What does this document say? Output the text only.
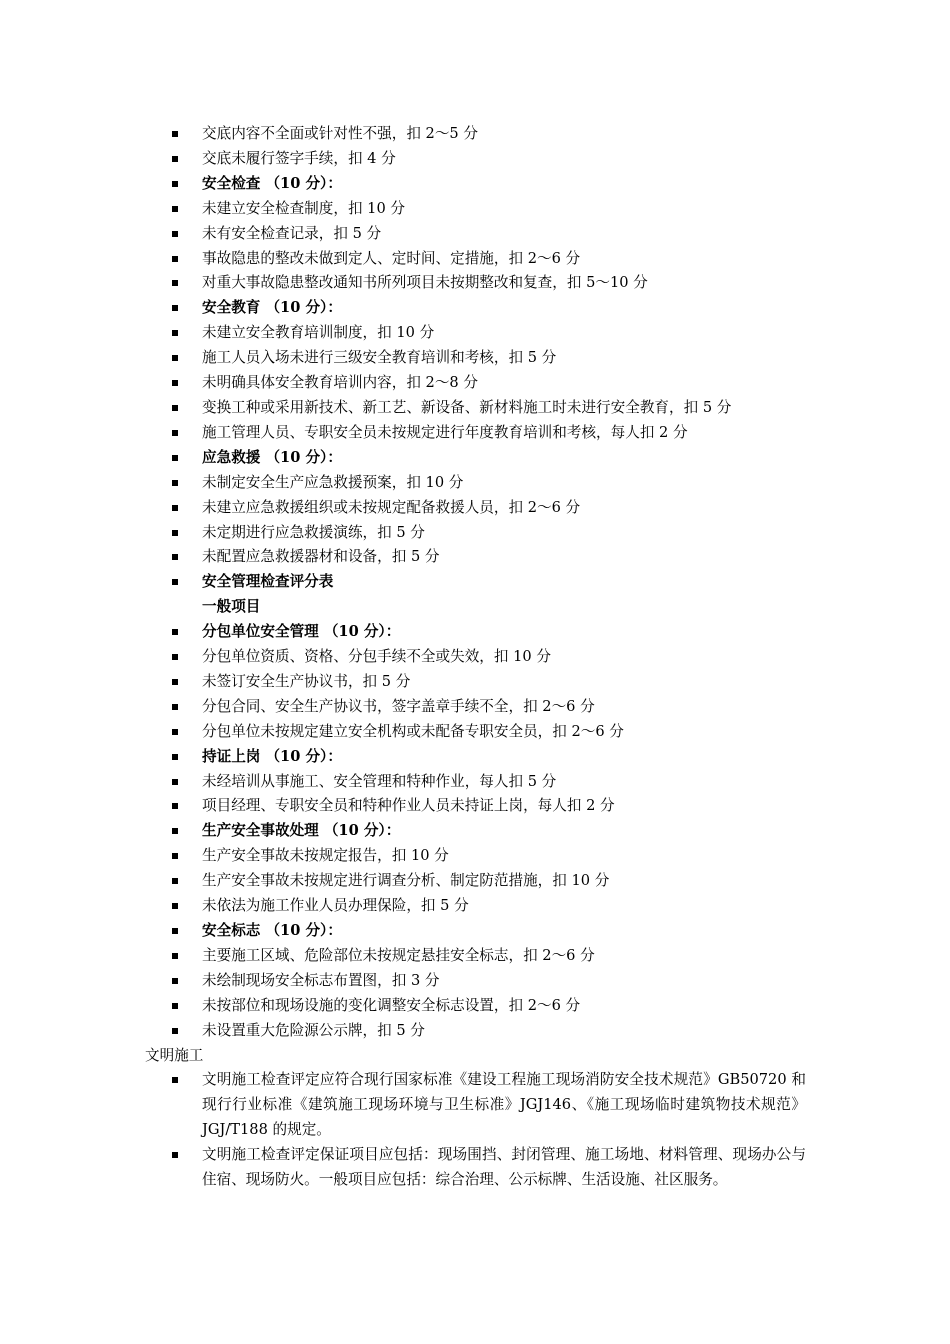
交底内容不全面或针对性不强，扣 2～5 分
交底未履行签字手续，扣 4 分
安全检查 （10 分）：
未建立安全检查制度，扣 10 分
未有安全检查记录，扣 5 分
事故隐患的整改未做到定人、定时间、定措施，扣 2～6 分
对重大事故隐患整改通知书所列项目未按期整改和复查，扣 5～10 分
安全教育 （10 分）：
未建立安全教育培训制度，扣 10 分
施工人员入场未进行三级安全教育培训和考核，扣 5 分
未明确具体安全教育培训内容，扣 2～8 分
变换工种或采用新技术、新工艺、新设备、新材料施工时未进行安全教育，扣 5 分
施工管理人员、专职安全员未按规定进行年度教育培训和考核，每人扣 2 分
应急救援 （10 分）：
未制定安全生产应急救援预案，扣 10 分
未建立应急救援组织或未按规定配备救援人员，扣 2～6 分
未定期进行应急救援演练，扣 5 分
未配置应急救援器材和设备，扣 5 分
安全管理检查评分表
一般项目
分包单位安全管理 （10 分）：
分包单位资质、资格、分包手续不全或失效，扣 10 分
未签订安全生产协议书，扣 5 分
分包合同、安全生产协议书，签字盖章手续不全，扣 2～6 分
分包单位未按规定建立安全机构或未配备专职安全员，扣 2～6 分
持证上岗 （10 分）：
未经培训从事施工、安全管理和特种作业，每人扣 5 分
项目经理、专职安全员和特种作业人员未持证上岗，每人扣 2 分
生产安全事故处理 （10 分）：
生产安全事故未按规定报告，扣 10 分
生产安全事故未按规定进行调查分析、制定防范措施，扣 10 分
未依法为施工作业人员办理保险，扣 5 分
安全标志 （10 分）：
主要施工区域、危险部位未按规定悬挂安全标志，扣 2～6 分
未绘制现场安全标志布置图，扣 3 分
未按部位和现场设施的变化调整安全标志设置，扣 2～6 分
未设置重大危险源公示牌，扣 5 分
文明施工
文明施工检查评定应符合现行国家标准《建设工程施工现场消防安全技术规范》GB50720 和现行行业标准《建筑施工现场环境与卫生标准》JGJ146、《施工现场临时建筑物技术规范》JGJ/T188 的规定。
文明施工检查评定保证项目应包括：现场围挡、封闭管理、施工场地、材料管理、现场办公与住宿、现场防火。一般项目应包括：综合治理、公示标牌、生活设施、社区服务。
